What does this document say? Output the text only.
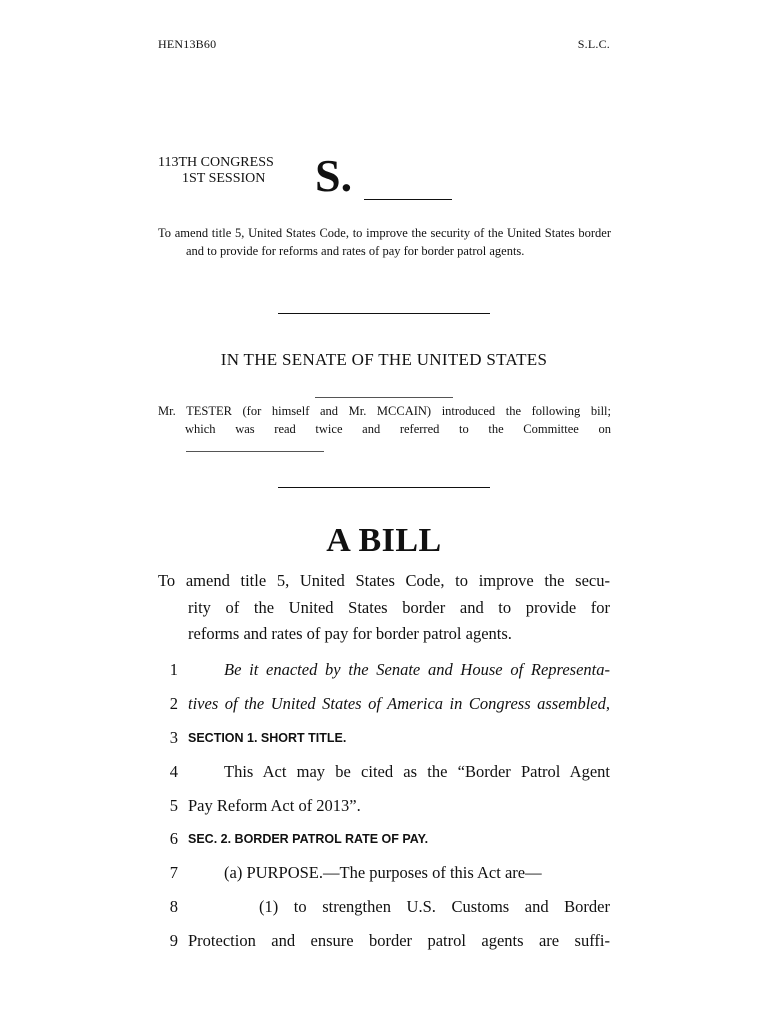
HEN13B60	S.L.C.
113TH CONGRESS
1ST SESSION S.
To amend title 5, United States Code, to improve the security of the United States border and to provide for reforms and rates of pay for border patrol agents.
IN THE SENATE OF THE UNITED STATES
Mr. TESTER (for himself and Mr. MCCAIN) introduced the following bill;
which was read twice and referred to the Committee on
A BILL
To amend title 5, United States Code, to improve the secu-
rity of the United States border and to provide for
reforms and rates of pay for border patrol agents.
1	Be it enacted by the Senate and House of Representa-
2 tives of the United States of America in Congress assembled,
3 SECTION 1. SHORT TITLE.
4	This Act may be cited as the “Border Patrol Agent
5 Pay Reform Act of 2013”.
6 SEC. 2. BORDER PATROL RATE OF PAY.
7	(a) PURPOSE.—The purposes of this Act are—
8	(1) to strengthen U.S. Customs and Border
9 Protection and ensure border patrol agents are suffi-
